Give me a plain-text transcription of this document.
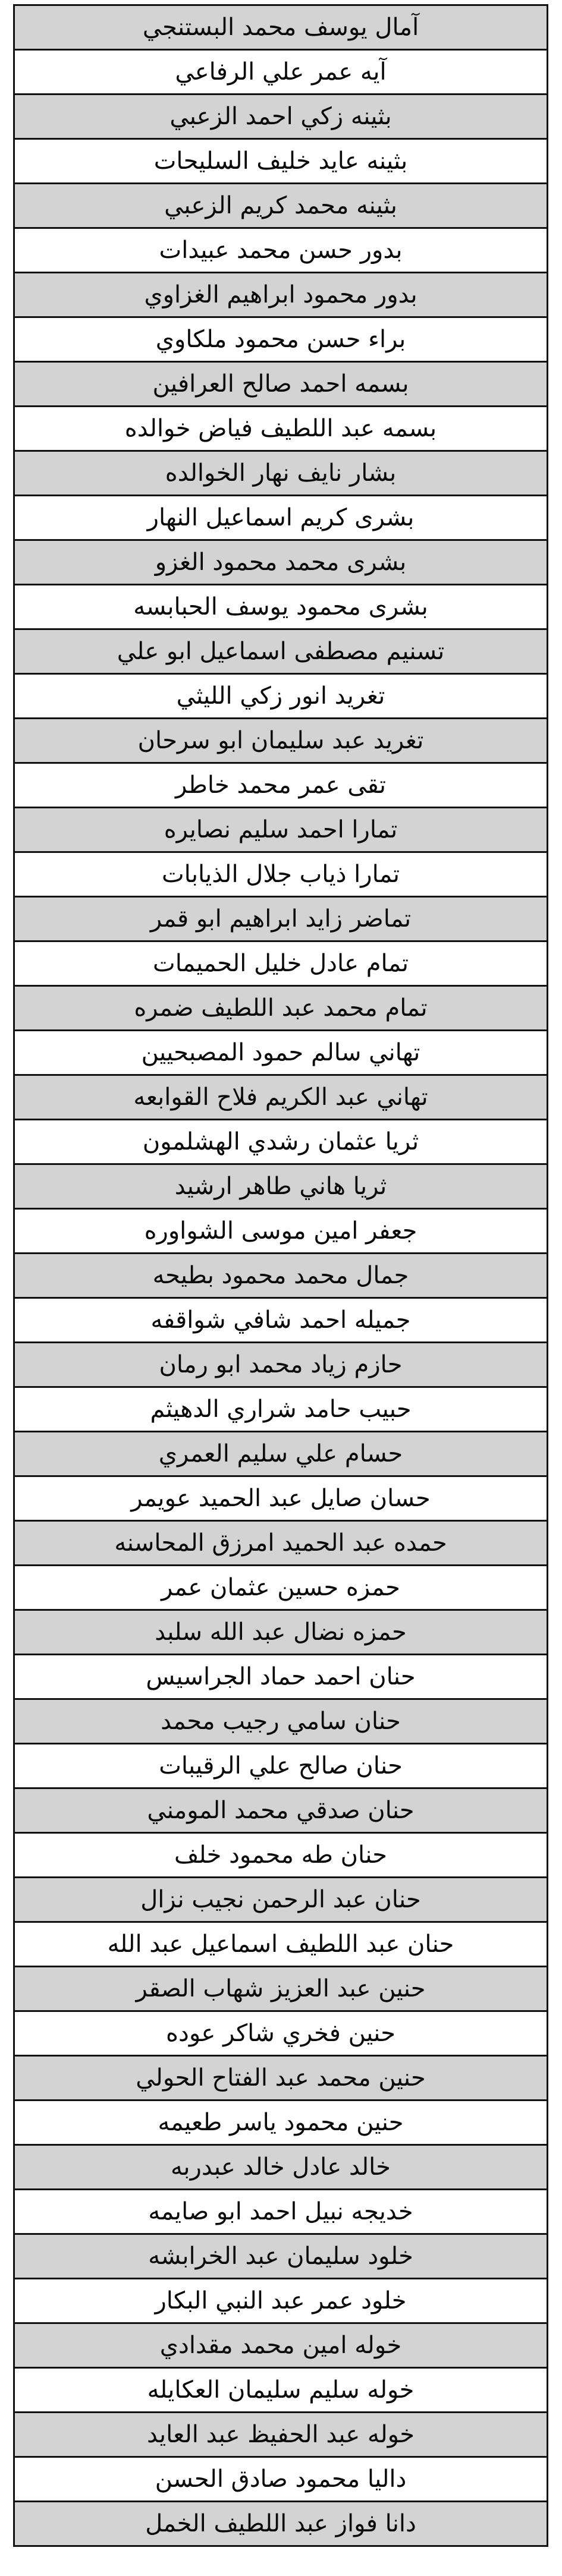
آمال يوسف محمد البستنجي
آيه عمر علي الرفاعي
بثينه زكي احمد الزعبي
بثينه عايد خليف السليحات
بثينه محمد كريم الزعبي
بدور حسن محمد عبيدات
بدور محمود ابراهيم الغزاوي
براء حسن محمود ملكاوي
بسمه احمد صالح العرافين
بسمه عبد اللطيف فياض خوالده
بشار نايف نهار الخوالده
بشرى كريم اسماعيل النهار
بشرى محمد محمود الغزو
بشرى محمود يوسف الحبابسه
تسنيم مصطفى اسماعيل ابو علي
تغريد انور زكي الليثي
تغريد عبد سليمان ابو سرحان
تقى عمر محمد خاطر
تمارا احمد سليم نصايره
تمارا ذياب جلال الذيابات
تماضر زايد ابراهيم ابو قمر
تمام عادل خليل الحميمات
تمام محمد عبد اللطيف ضمره
تهاني سالم حمود المصبحيين
تهاني عبد الكريم فلاح القوابعه
ثريا عثمان رشدي الهشلمون
ثريا هاني طاهر ارشيد
جعفر امين موسى الشواوره
جمال محمد محمود بطيحه
جميله احمد شافي شواقفه
حازم زياد محمد ابو رمان
حبيب حامد شراري الدهيثم
حسام علي سليم العمري
حسان صايل عبد الحميد عويمر
حمده عبد الحميد امرزق المحاسنه
حمزه حسين عثمان عمر
حمزه نضال عبد الله سلبد
حنان احمد حماد الجراسيس
حنان سامي رجيب محمد
حنان صالح علي الرقيبات
حنان صدقي محمد المومني
حنان طه محمود خلف
حنان عبد الرحمن نجيب نزال
حنان عبد اللطيف اسماعيل عبد الله
حنين عبد العزيز شهاب الصقر
حنين فخري شاكر عوده
حنين محمد عبد الفتاح الحولي
حنين محمود ياسر طعيمه
خالد عادل خالد عبدربه
خديجه نبيل احمد ابو صايمه
خلود سليمان عبد الخرابشه
خلود عمر عبد النبي البكار
خوله امين محمد مقدادي
خوله سليم سليمان العكايله
خوله عبد الحفيظ عبد العايد
داليا محمود صادق الحسن
دانا فواز عبد اللطيف الخمل
